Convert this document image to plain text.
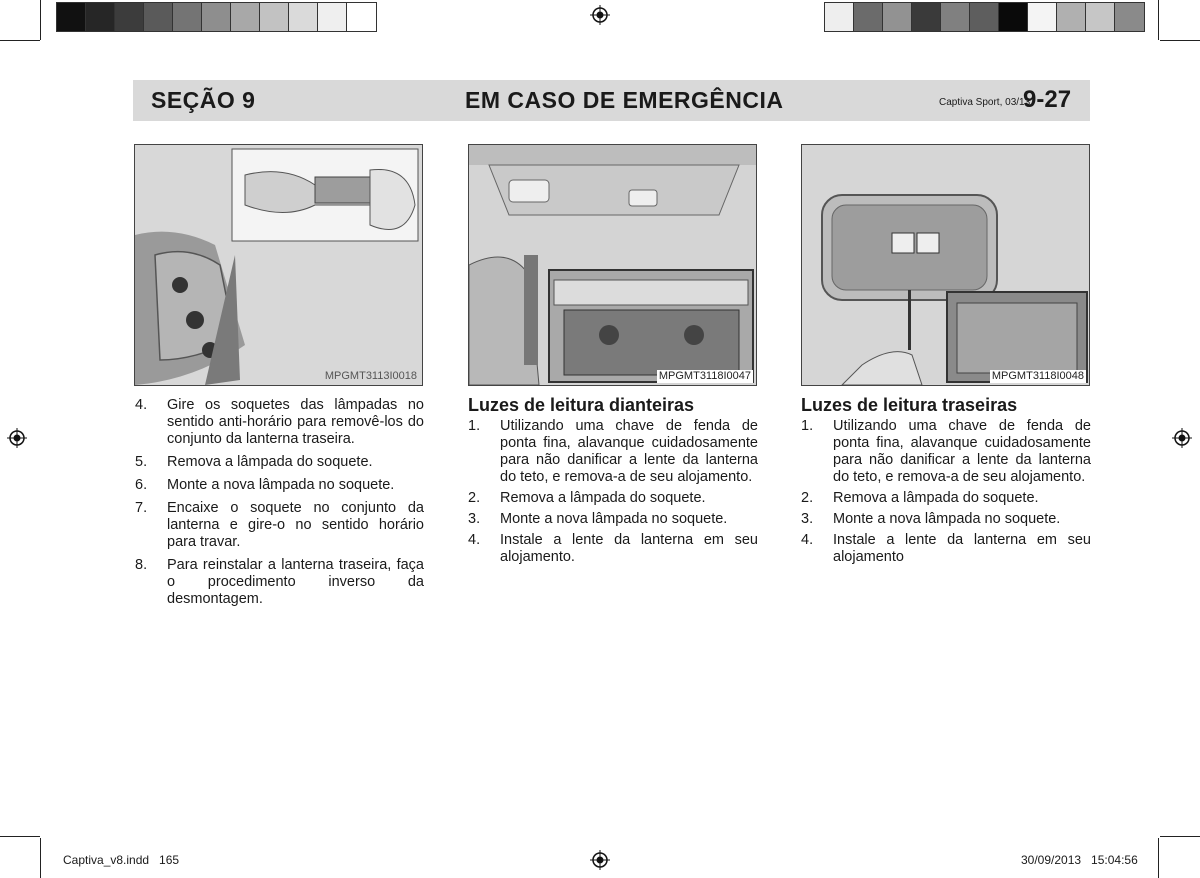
SEÇÃO 9	EM CASO DE EMERGÊNCIA	Captiva Sport, 03/13
9-27
MPGMT3113I0018	MPGMT3118I0047	MPGMT3118I0048
4.	Gire os soquetes das lâmpadas no sentido anti-horário para removê-los do conjunto da lanterna traseira.
5.	Remova a lâmpada do soquete.
6.	Monte a nova lâmpada no soquete.
7.	Encaixe o soquete no conjunto da lanterna e gire-o no sentido horário para travar.
8.	Para reinstalar a lanterna traseira, faça o procedimento inverso da desmontagem.
Luzes de leitura dianteiras
1.	Utilizando uma chave de fenda de ponta fina, alavanque cuidadosamente para não danificar a lente da lanterna do teto, e remova-a de seu alojamento.
2.	Remova a lâmpada do soquete.
3.	Monte a nova lâmpada no soquete.
4.	Instale a lente da lanterna em seu alojamento.
Luzes de leitura traseiras
1.	Utilizando uma chave de fenda de ponta fina, alavanque cuidadosamente para não danificar a lente da lanterna do teto, e remova-a de seu alojamento.
2.	Remova a lâmpada do soquete.
3.	Monte a nova lâmpada no soquete.
4.	Instale a lente da lanterna em seu alojamento
Captiva_v8.indd   165	30/09/2013   15:04:56
